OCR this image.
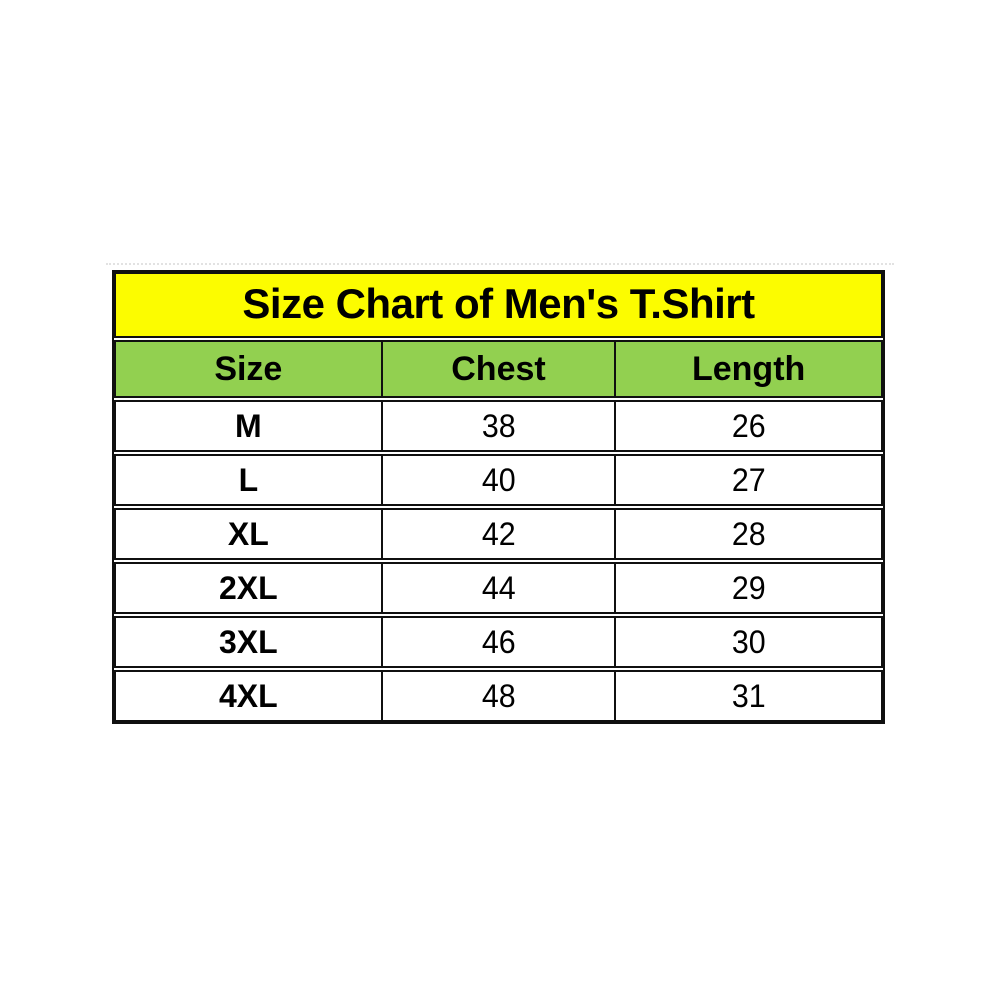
Size Chart of Men's T.Shirt
Size	Chest	Length
M	38	26
L	40	27
XL	42	28
2XL	44	29
3XL	46	30
4XL	48	31
